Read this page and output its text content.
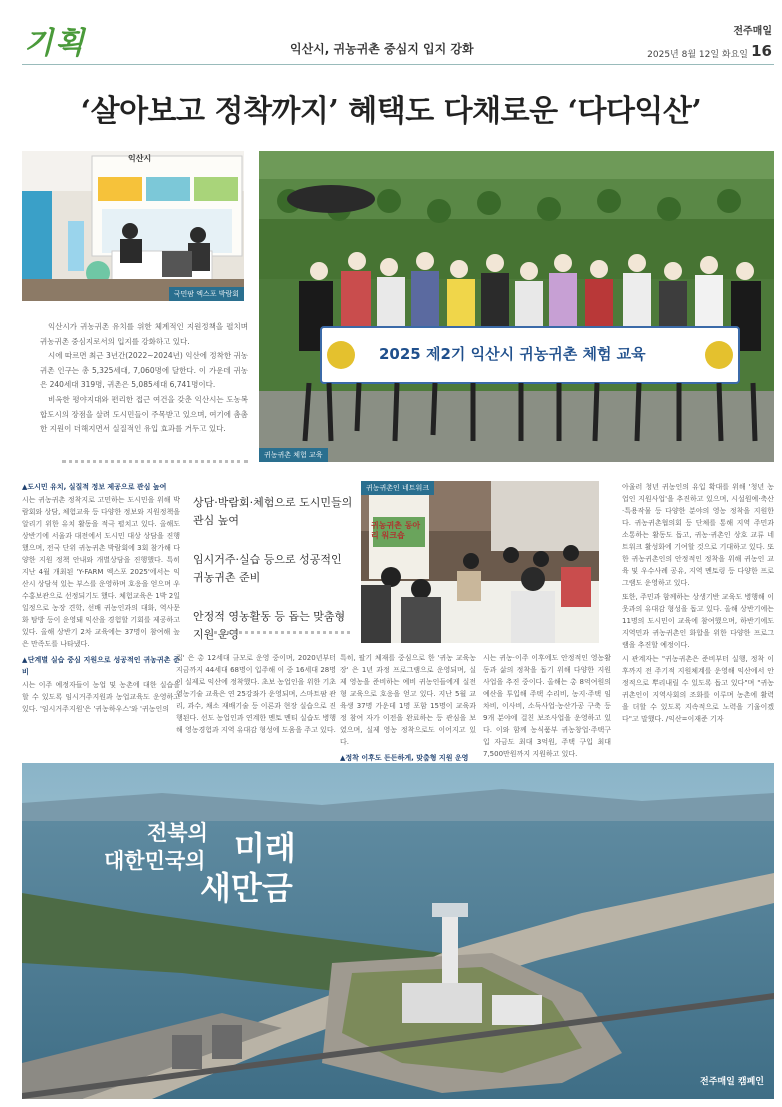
기획	익산시, 귀농귀촌 중심지 입지 강화
전주매일
2025년 8월 12일 화요일 16
‘살아보고 정착까지’ 혜택도 다채로운 ‘다다익산’
익산시
국민팜 엑스포 박람회
2025 제2기 익산시 귀농귀촌 체험 교육
귀농귀촌 체험 교육

익산시가 귀농귀촌 유치를 위한 체계적인 지원정책을 펼치며 귀농귀촌 중심지로서의 입지를 강화하고 있다.

시에 따르면 최근 3년간(2022~2024년) 익산에 정착한 귀농귀촌 인구는 총 5,325세대, 7,060명에 달한다. 이 가운데 귀농은 240세대 319명, 귀촌은 5,085세대 6,741명이다.

비옥한 평야지대와 편리한 접근 여건을 갖춘 익산시는 도농복합도시의 장점을 살려 도시민들이 주목받고 있으며, 여기에 촘촘한 지원이 더해지면서 실질적인 유입 효과를 거두고 있다.

▲도시민 유치, 실질적 정보 제공으로 관심 높여

시는 귀농귀촌 정착지로 고민하는 도시민을 위해 박람회와 상담, 체험교육 등 다양한 정보와 지원정책을 알리기 위한 유치 활동을 적극 펼치고 있다. 올해도 상반기에 서울과 대전에서 도시민 대상 상담을 진행했으며, 전국 단위 귀농귀촌 박람회에 3회 참가해 다양한 지원 정책 안내와 개별상담을 진행했다. 특히 지난 4월 개최된 'Y-FARM 엑스포 2025'에서는 익산시 상담석 있는 부스를 운영하며 호응을 얻으며 우수홍보관으로 선정되기도 했다. 체험교육은 1박 2일 일정으로 농장 견학, 선배 귀농인과의 대화, 역사문화 탐방 등이 운영돼 익산을 경험할 기회를 제공하고 있다. 올해 상반기 2차 교육에는 37명이 참여해 높은 만족도를 나타냈다.

▲단계별 실습 중심 지원으로 성공적인 귀농귀촌 준비

시는 이주 예정자들이 농업 및 농촌에 대한 실습을 할 수 있도록 임시거주지원과 농업교육도 운영하고 있다. '임시거주지원'은 '귀농하우스'와 '귀농인의

상담·박람회·체험으로 도시민들의 관심 높여

임시거주·실습 등으로 성공적인 귀농귀촌 준비

안정적 영농활동 등 돕는 맞춤형 지원 운영

집' 은 총 12세대 규모로 운영 중이며, 2020년부터 지금까지 44세대 68명이 입주해 이 중 16세대 28명이 실제로 익산에 정착했다. 초보 농업인을 위한 기초영농기술 교육은 연 25강좌가 운영되며, 스마트팜 관리, 과수, 채소 재배기술 등 이론과 현장 실습으로 진행된다. 선도 농업인과 연계한 멘토 멘티 실습도 병행해 영농경험과 지역 유대감 형성에 도움을 주고 있다.

귀농귀촌인 네트워크
귀농귀촌 동아리 워크숍

특히, 팔기 체재를 중심으로 한 '귀농 교육농장' 은 1년 과정 프로그램으로 운영되며, 실제 영농을 준비하는 예비 귀농인들에게 실전형 교육으로 호응을 얻고 있다. 지난 5월 교육생 37명 가운데 1명 포함 15명이 교육과정 참여 자가 이전을 완료하는 등 관심을 보였으며, 실제 영농 정착으로도 이어지고 있다.

▲정착 이후도 든든하게, 맞춤형 지원 운영

시는 귀농·이주 이후에도 안정적인 영농활동과 삶의 정착을 돕기 위해 다양한 지원 사업을 추진 중이다. 올해는 총 8억여원의 예산을 투입해 주택 수리비, 농지·주택 임차비, 이사비, 소득사업·농산가공 구축 등 9개 분야에 걸친 보조사업을 운영하고 있다. 이와 함께 농식품부 귀농창업·주택구입 자금도 최대 3억원, 주택 구입 최대 7,500만원까지 지원하고 있다.

아울러 청년 귀농인의 유입 확대를 위해 '청년 농업인 지원사업'을 추진하고 있으며, 시설원예·축산·특용작물 등 다양한 분야의 영농 정착을 지원한다. 귀농귀촌협의회 등 단체를 통해 지역 주민과 소통하는 활동도 돕고, 귀농·귀촌인 상호 교류 네트워크 활성화에 기여할 것으로 기대하고 있다. 또한 귀농귀촌인의 안정적인 정착을 위해 귀농인 교육 및 우수사례 공유, 지역 멘토링 등 다양한 프로그램도 운영하고 있다.

또한, 주민과 함께하는 상생기반 교육도 병행해 이웃과의 유대감 형성을 돕고 있다. 올해 상반기에는 11명의 도시민이 교육에 참여했으며, 하반기에도 지역민과 귀농귀촌인 화합을 위한 다양한 프로그램을 추진할 예정이다.

시 관계자는 "귀농귀촌은 준비부터 실행, 정착 이후까지 전 주기적 지원체계를 운영해 익산에서 안정적으로 뿌리내릴 수 있도록 돕고 있다"며 "귀농귀촌인이 지역사회의 조화를 이루며 농촌에 활력을 더할 수 있도록 지속적으로 노력을 기울이겠다"고 말했다. /익산=이재준 기자

전북의
대한민국의 미래
새만금
전주매일 캠페인
